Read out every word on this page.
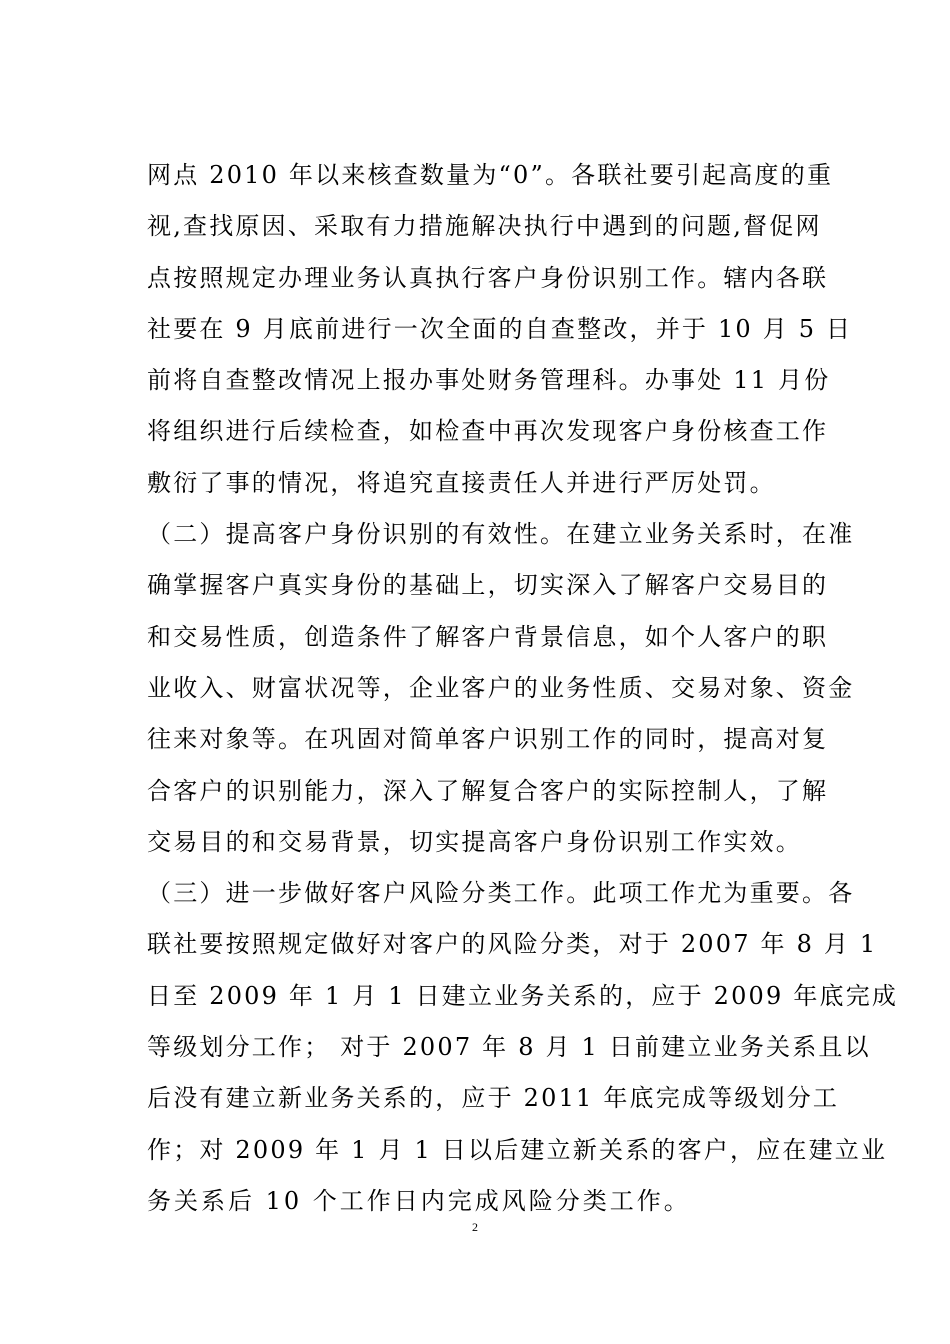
网点 2010 年以来核查数量为“0”。各联社要引起高度的重
视,查找原因、采取有力措施解决执行中遇到的问题,督促网
点按照规定办理业务认真执行客户身份识别工作。辖内各联
社要在 9 月底前进行一次全面的自查整改，并于 10 月 5 日
前将自查整改情况上报办事处财务管理科。办事处 11 月份
将组织进行后续检查，如检查中再次发现客户身份核查工作
敷衍了事的情况，将追究直接责任人并进行严厉处罚。
（二）提高客户身份识别的有效性。在建立业务关系时，在准
确掌握客户真实身份的基础上，切实深入了解客户交易目的
和交易性质，创造条件了解客户背景信息，如个人客户的职
业收入、财富状况等，企业客户的业务性质、交易对象、资金
往来对象等。在巩固对简单客户识别工作的同时，提高对复
合客户的识别能力，深入了解复合客户的实际控制人，了解
交易目的和交易背景，切实提高客户身份识别工作实效。
（三）进一步做好客户风险分类工作。此项工作尤为重要。各
联社要按照规定做好对客户的风险分类，对于 2007 年 8 月 1
日至 2009 年 1 月 1 日建立业务关系的，应于 2009 年底完成
等级划分工作； 对于 2007 年 8 月 1 日前建立业务关系且以
后没有建立新业务关系的，应于 2011 年底完成等级划分工
作；对 2009 年 1 月 1 日以后建立新关系的客户，应在建立业
务关系后 10 个工作日内完成风险分类工作。
2
